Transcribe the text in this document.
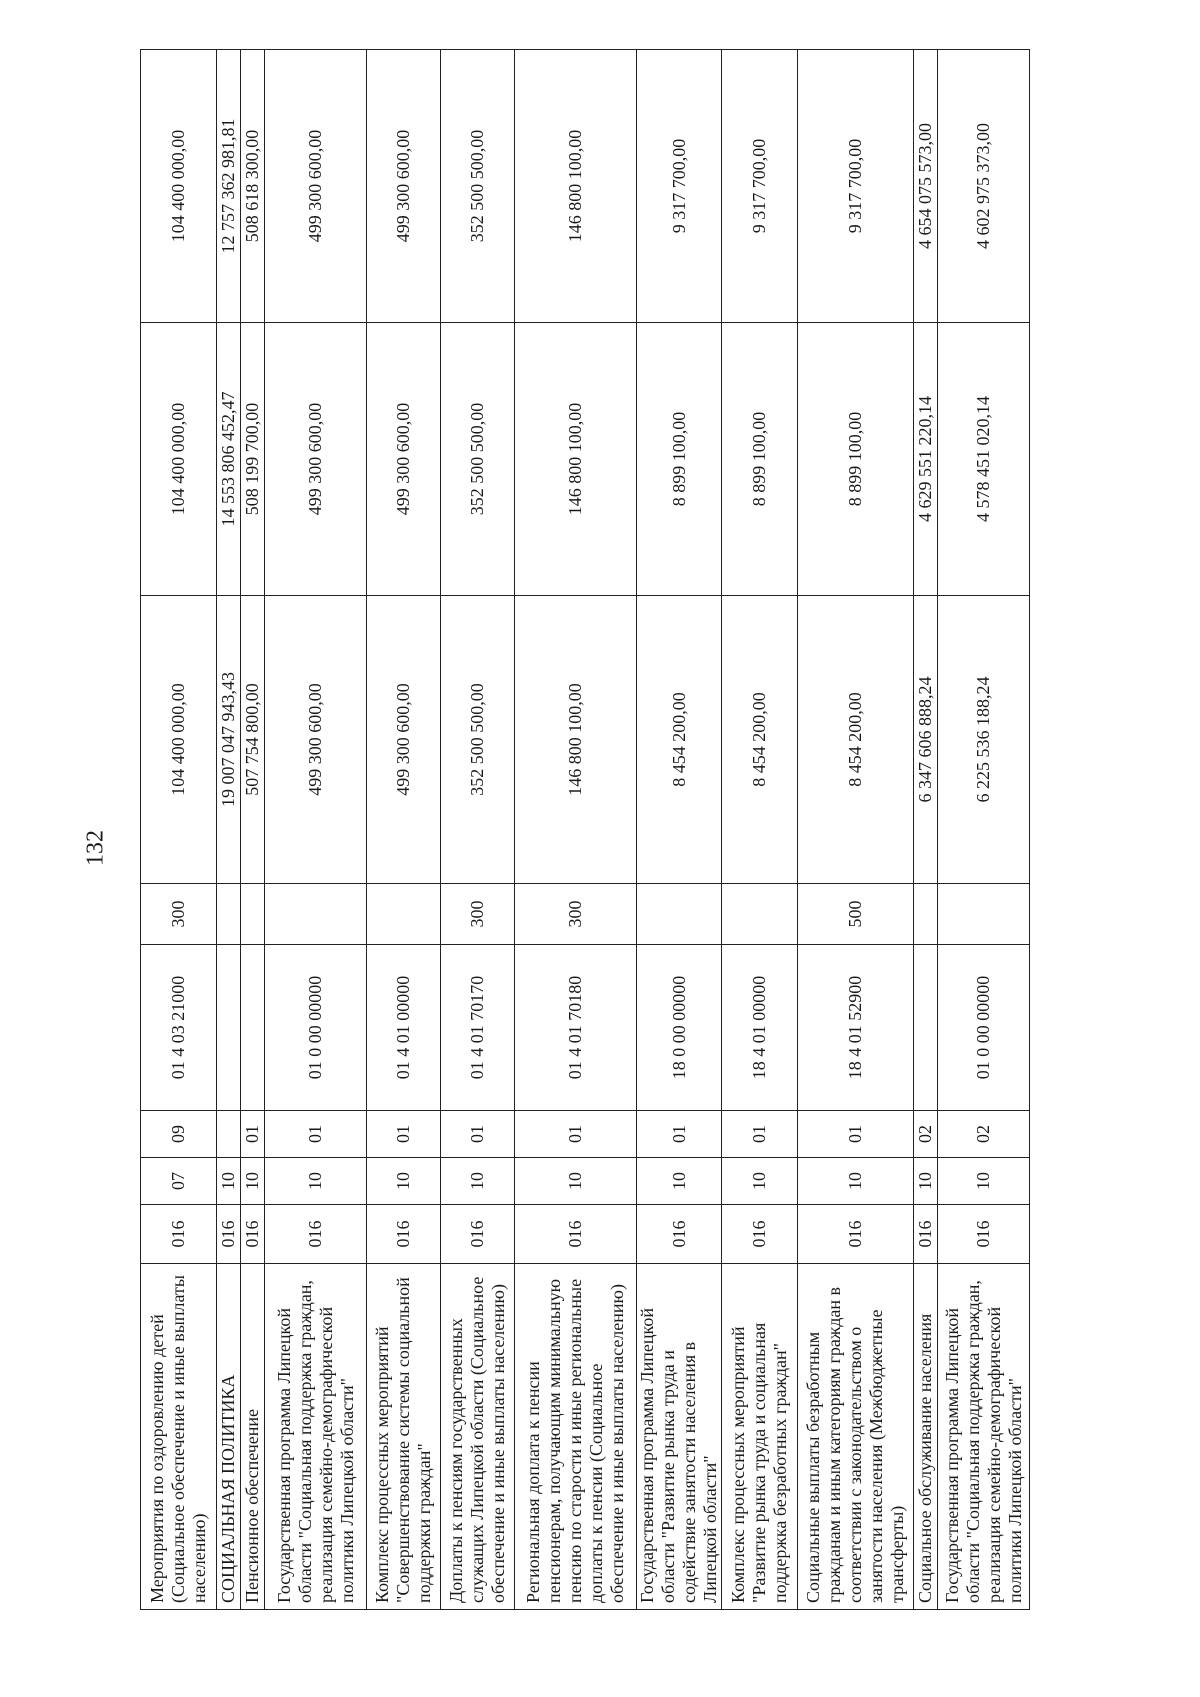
132
Мероприятия по оздоровлению детей (Социальное обеспечение и иные выплаты населению)	016	07	09	01 4 03 21000	300	104 400 000,00	104 400 000,00	104 400 000,00
СОЦИАЛЬНАЯ ПОЛИТИКА	016	10				19 007 047 943,43	14 553 806 452,47	12 757 362 981,81
Пенсионное обеспечение	016	10	01			507 754 800,00	508 199 700,00	508 618 300,00
Государственная программа Липецкой области "Социальная поддержка граждан, реализация семейно-демографической политики Липецкой области"	016	10	01	01 0 00 00000		499 300 600,00	499 300 600,00	499 300 600,00
Комплекс процессных мероприятий "Совершенствование системы социальной поддержки граждан"	016	10	01	01 4 01 00000		499 300 600,00	499 300 600,00	499 300 600,00
Доплаты к пенсиям государственных служащих Липецкой области (Социальное обеспечение и иные выплаты населению)	016	10	01	01 4 01 70170	300	352 500 500,00	352 500 500,00	352 500 500,00
Региональная доплата к пенсии пенсионерам, получающим минимальную пенсию по старости и иные региональные доплаты к пенсии (Социальное обеспечение и иные выплаты населению)	016	10	01	01 4 01 70180	300	146 800 100,00	146 800 100,00	146 800 100,00
Государственная программа Липецкой области "Развитие рынка труда и содействие занятости населения в Липецкой области"	016	10	01	18 0 00 00000		8 454 200,00	8 899 100,00	9 317 700,00
Комплекс процессных мероприятий "Развитие рынка труда и социальная поддержка безработных граждан"	016	10	01	18 4 01 00000		8 454 200,00	8 899 100,00	9 317 700,00
Социальные выплаты безработным гражданам и иным категориям граждан в соответствии с законодательством о занятости населения (Межбюджетные трансферты)	016	10	01	18 4 01 52900	500	8 454 200,00	8 899 100,00	9 317 700,00
Социальное обслуживание населения	016	10	02			6 347 606 888,24	4 629 551 220,14	4 654 075 573,00
Государственная программа Липецкой области "Социальная поддержка граждан, реализация семейно-демографической политики Липецкой области"	016	10	02	01 0 00 00000		6 225 536 188,24	4 578 451 020,14	4 602 975 373,00
